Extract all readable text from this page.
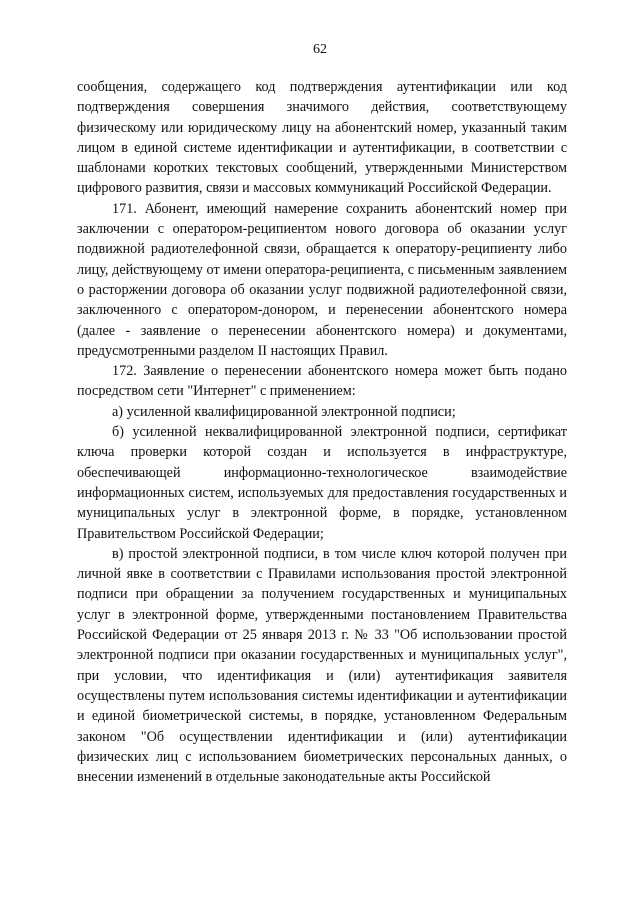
62

сообщения, содержащего код подтверждения аутентификации или код подтверждения совершения значимого действия, соответствующему физическому или юридическому лицу на абонентский номер, указанный таким лицом в единой системе идентификации и аутентификации, в соответствии с шаблонами коротких текстовых сообщений, утвержденными Министерством цифрового развития, связи и массовых коммуникаций Российской Федерации.

171. Абонент, имеющий намерение сохранить абонентский номер при заключении с оператором-реципиентом нового договора об оказании услуг подвижной радиотелефонной связи, обращается к оператору-реципиенту либо лицу, действующему от имени оператора-реципиента, с письменным заявлением о расторжении договора об оказании услуг подвижной радиотелефонной связи, заключенного с оператором-донором, и перенесении абонентского номера (далее - заявление о перенесении абонентского номера) и документами, предусмотренными разделом II настоящих Правил.

172. Заявление о перенесении абонентского номера может быть подано посредством сети "Интернет" с применением:

а) усиленной квалифицированной электронной подписи;

б) усиленной неквалифицированной электронной подписи, сертификат ключа проверки которой создан и используется в инфраструктуре, обеспечивающей информационно-технологическое взаимодействие информационных систем, используемых для предоставления государственных и муниципальных услуг в электронной форме, в порядке, установленном Правительством Российской Федерации;

в) простой электронной подписи, в том числе ключ которой получен при личной явке в соответствии с Правилами использования простой электронной подписи при обращении за получением государственных и муниципальных услуг в электронной форме, утвержденными постановлением Правительства Российской Федерации от 25 января 2013 г. № 33 "Об использовании простой электронной подписи при оказании государственных и муниципальных услуг", при условии, что идентификация и (или) аутентификация заявителя осуществлены путем использования системы идентификации и аутентификации и единой биометрической системы, в порядке, установленном Федеральным законом "Об осуществлении идентификации и (или) аутентификации физических лиц с использованием биометрических персональных данных, о внесении изменений в отдельные законодательные акты Российской
